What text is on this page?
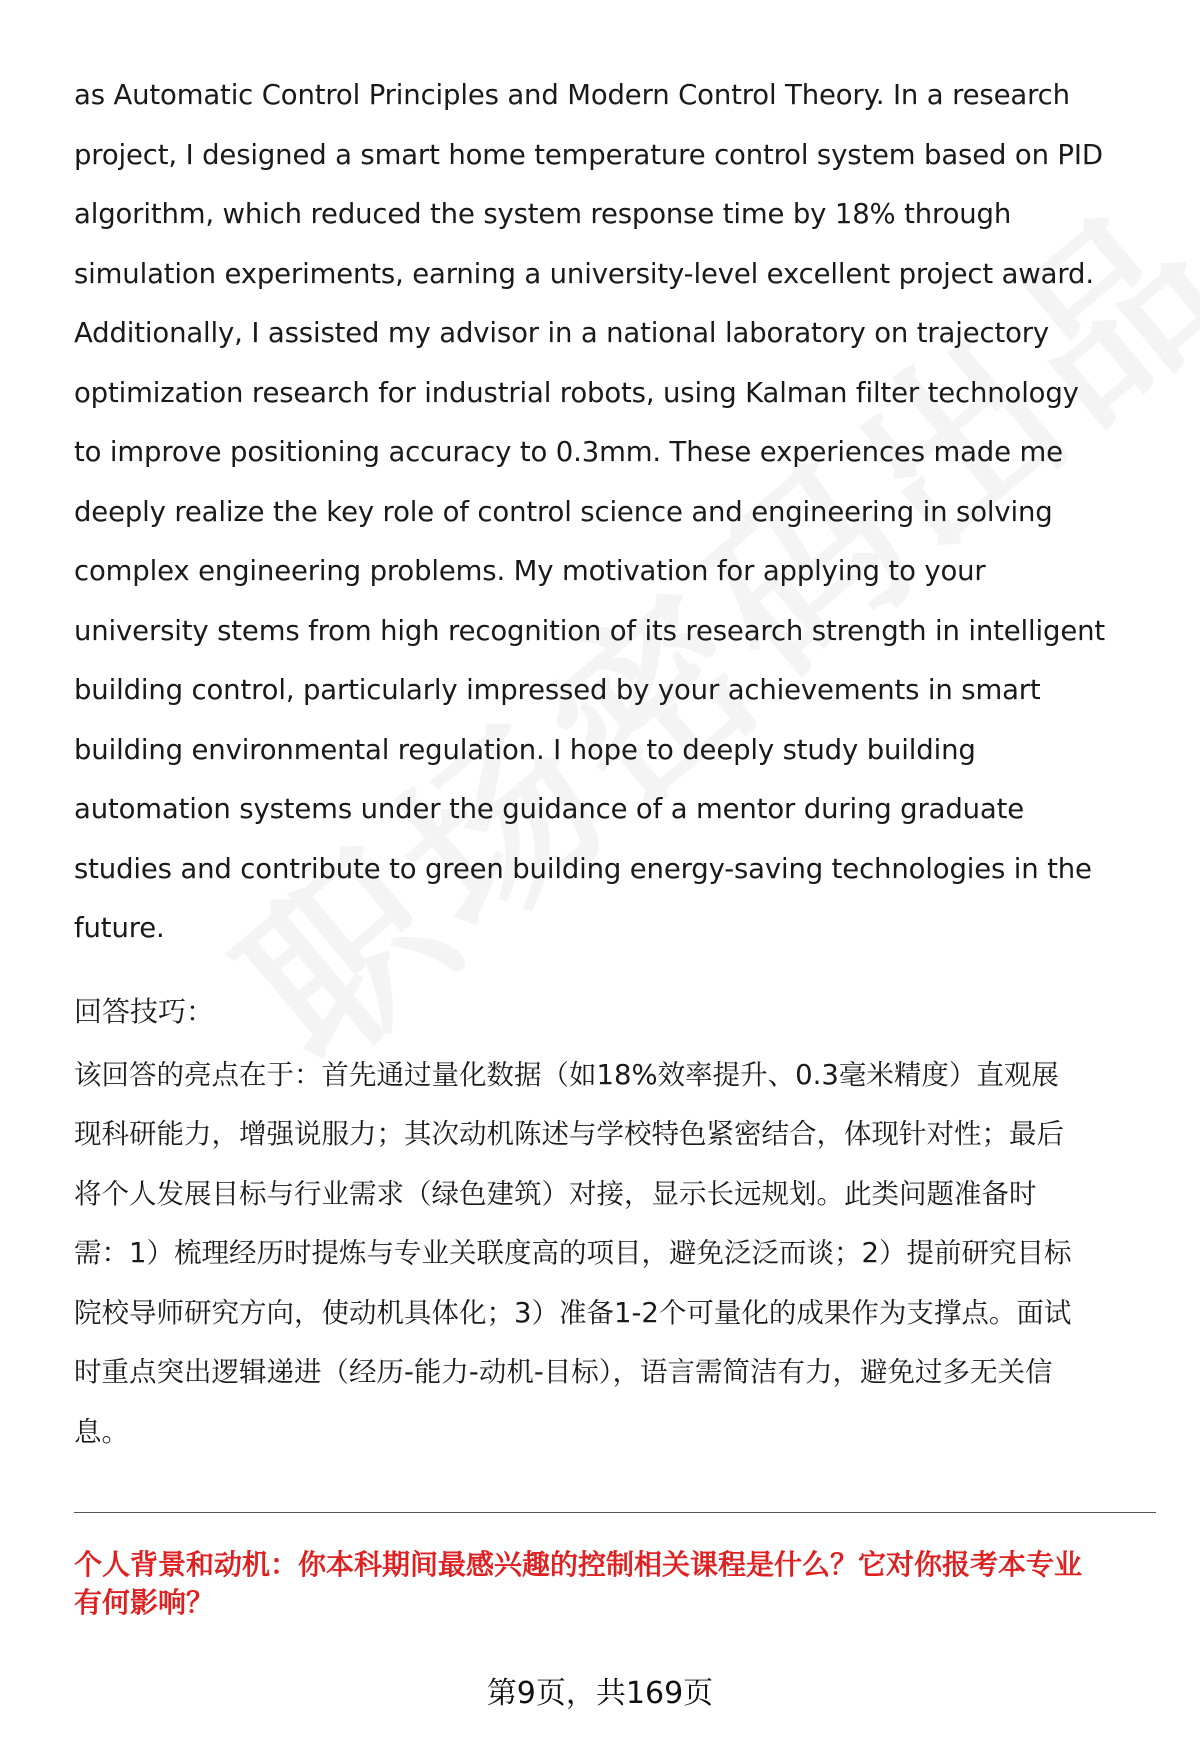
as Automatic Control Principles and Modern Control Theory. In a research
project, I designed a smart home temperature control system based on PID
algorithm, which reduced the system response time by 18% through
simulation experiments, earning a university-level excellent project award.
Additionally, I assisted my advisor in a national laboratory on trajectory
optimization research for industrial robots, using Kalman filter technology
to improve positioning accuracy to 0.3mm. These experiences made me
deeply realize the key role of control science and engineering in solving
complex engineering problems. My motivation for applying to your
university stems from high recognition of its research strength in intelligent
building control, particularly impressed by your achievements in smart
building environmental regulation. I hope to deeply study building
automation systems under the guidance of a mentor during graduate
studies and contribute to green building energy-saving technologies in the
future.

回答技巧：

该回答的亮点在于：首先通过量化数据（如18%效率提升、0.3毫米精度）直观展
现科研能力，增强说服力；其次动机陈述与学校特色紧密结合，体现针对性；最后
将个人发展目标与行业需求（绿色建筑）对接，显示长远规划。此类问题准备时
需：1）梳理经历时提炼与专业关联度高的项目，避免泛泛而谈；2）提前研究目标
院校导师研究方向，使动机具体化；3）准备1-2个可量化的成果作为支撑点。面试
时重点突出逻辑递进（经历-能力-动机-目标），语言需简洁有力，避免过多无关信
息。

个人背景和动机：你本科期间最感兴趣的控制相关课程是什么？它对你报考本专业
有何影响？
第9页，共169页
